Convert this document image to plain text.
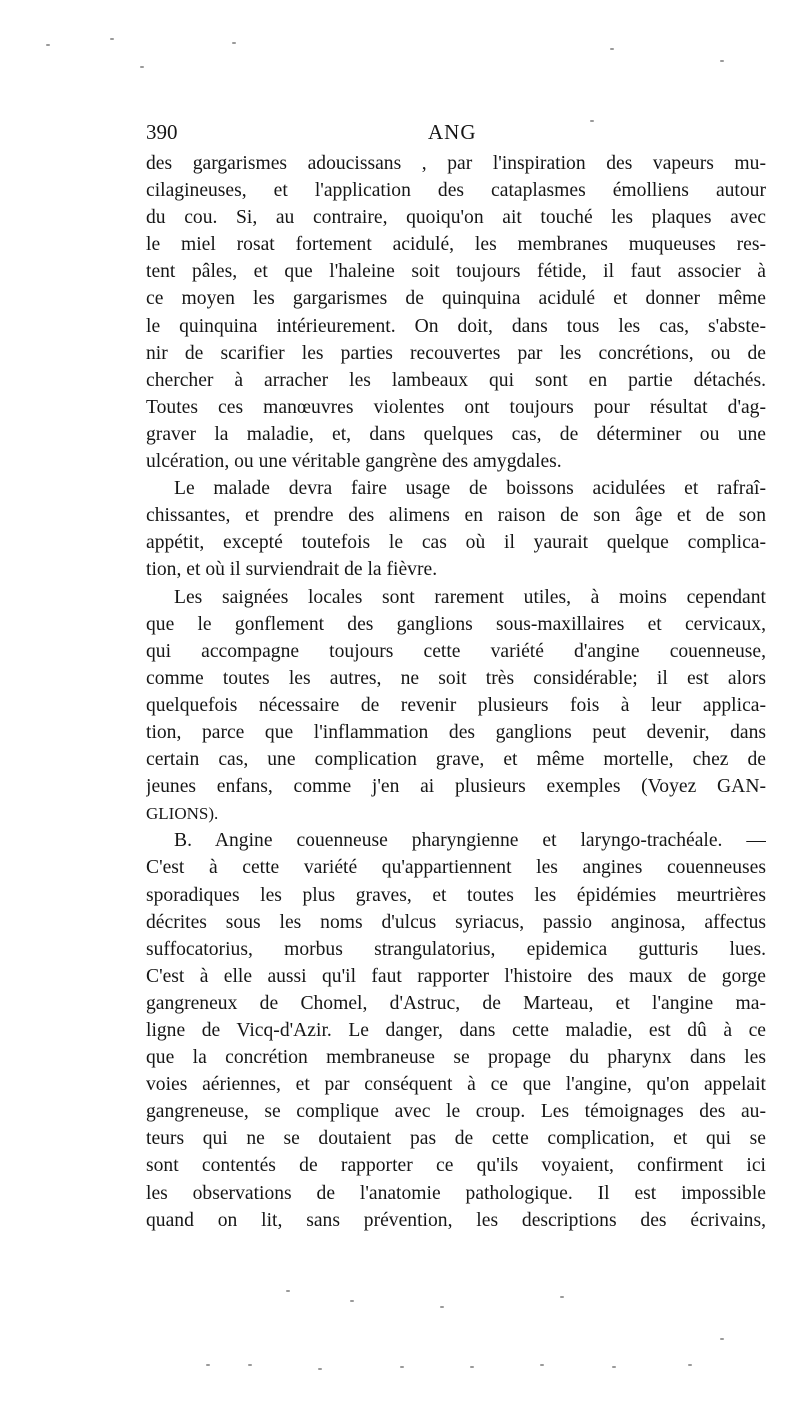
390	ANG
des gargarismes adoucissans , par l'inspiration des vapeurs mu-
cilagineuses, et l'application des cataplasmes émolliens autour
du cou. Si, au contraire, quoiqu'on ait touché les plaques avec
le miel rosat fortement acidulé, les membranes muqueuses res-
tent pâles, et que l'haleine soit toujours fétide, il faut associer à
ce moyen les gargarismes de quinquina acidulé et donner même
le quinquina intérieurement. On doit, dans tous les cas, s'abste-
nir de scarifier les parties recouvertes par les concrétions, ou de
chercher à arracher les lambeaux qui sont en partie détachés.
Toutes ces manœuvres violentes ont toujours pour résultat d'ag-
graver la maladie, et, dans quelques cas, de déterminer ou une
ulcération, ou une véritable gangrène des amygdales.
Le malade devra faire usage de boissons acidulées et rafraî-
chissantes, et prendre des alimens en raison de son âge et de son
appétit, excepté toutefois le cas où il yaurait quelque complica-
tion, et où il surviendrait de la fièvre.
Les saignées locales sont rarement utiles, à moins cependant
que le gonflement des ganglions sous-maxillaires et cervicaux,
qui accompagne toujours cette variété d'angine couenneuse,
comme toutes les autres, ne soit très considérable; il est alors
quelquefois nécessaire de revenir plusieurs fois à leur applica-
tion, parce que l'inflammation des ganglions peut devenir, dans
certain cas, une complication grave, et même mortelle, chez de
jeunes enfans, comme j'en ai plusieurs exemples (Voyez GAN-
GLIONS).
B. Angine couenneuse pharyngienne et laryngo-trachéale. —
C'est à cette variété qu'appartiennent les angines couenneuses
sporadiques les plus graves, et toutes les épidémies meurtrières
décrites sous les noms d'ulcus syriacus, passio anginosa, affectus
suffocatorius, morbus strangulatorius, epidemica gutturis lues.
C'est à elle aussi qu'il faut rapporter l'histoire des maux de gorge
gangreneux de Chomel, d'Astruc, de Marteau, et l'angine ma-
ligne de Vicq-d'Azir. Le danger, dans cette maladie, est dû à ce
que la concrétion membraneuse se propage du pharynx dans les
voies aériennes, et par conséquent à ce que l'angine, qu'on appelait
gangreneuse, se complique avec le croup. Les témoignages des au-
teurs qui ne se doutaient pas de cette complication, et qui se
sont contentés de rapporter ce qu'ils voyaient, confirment ici
les observations de l'anatomie pathologique. Il est impossible
quand on lit, sans prévention, les descriptions des écrivains,
